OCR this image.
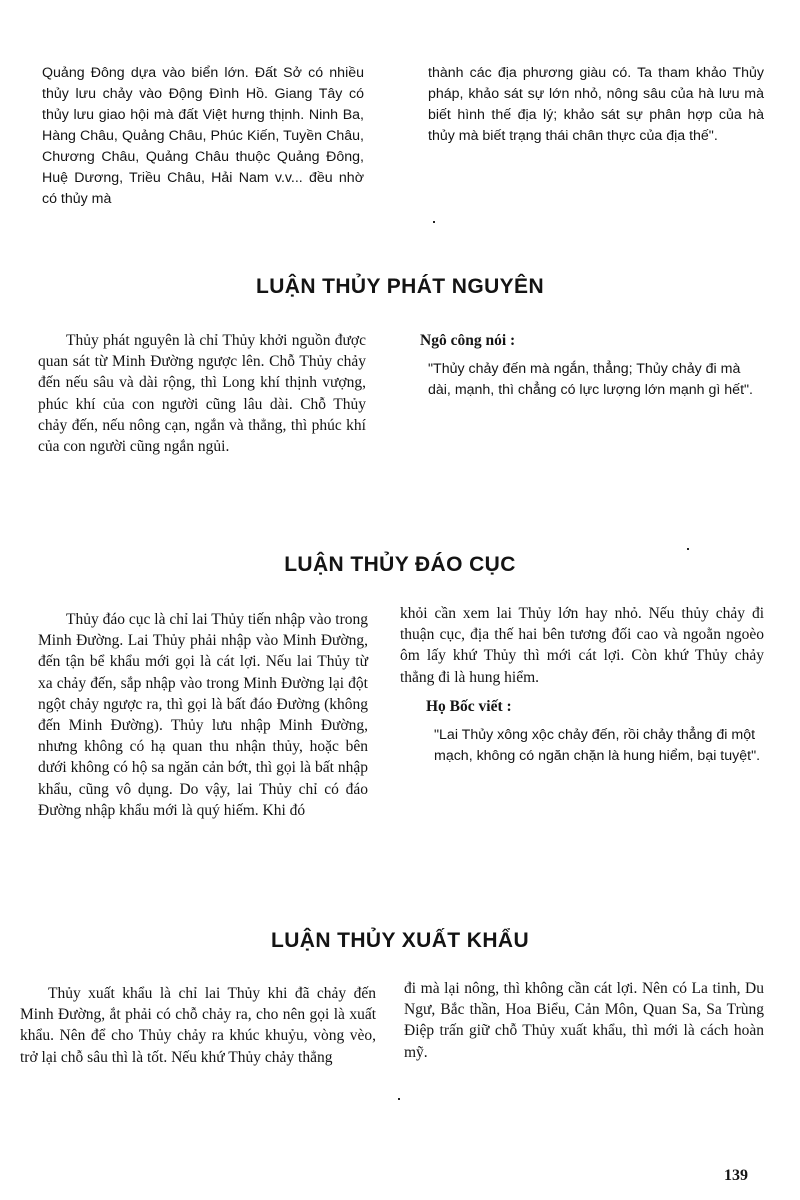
Quảng Đông dựa vào biển lớn. Đất Sở có nhiều thủy lưu chảy vào Động Đình Hồ. Giang Tây có thủy lưu giao hội mà đất Việt hưng thịnh. Ninh Ba, Hàng Châu, Quảng Châu, Phúc Kiến, Tuyền Châu, Chương Châu, Quảng Châu thuộc Quảng Đông, Huệ Dương, Triều Châu, Hải Nam v.v... đều nhờ có thủy mà

thành các địa phương giàu có. Ta tham khảo Thủy pháp, khảo sát sự lớn nhỏ, nông sâu của hà lưu mà biết hình thế địa lý; khảo sát sự phân hợp của hà thủy mà biết trạng thái chân thực của địa thế".

LUẬN THỦY PHÁT NGUYÊN

Thủy phát nguyên là chỉ Thủy khởi nguồn được quan sát từ Minh Đường ngược lên. Chỗ Thủy chảy đến nếu sâu và dài rộng, thì Long khí thịnh vượng, phúc khí của con người cũng lâu dài. Chỗ Thủy chảy đến, nếu nông cạn, ngắn và thẳng, thì phúc khí của con người cũng ngắn ngủi.

Ngô công nói :

"Thủy chảy đến mà ngắn, thẳng; Thủy chảy đi mà dài, mạnh, thì chẳng có lực lượng lớn mạnh gì hết".

LUẬN THỦY ĐÁO CỤC

Thủy đáo cục là chỉ lai Thủy tiến nhập vào trong Minh Đường. Lai Thủy phải nhập vào Minh Đường, đến tận bể khẩu mới gọi là cát lợi. Nếu lai Thủy từ xa chảy đến, sắp nhập vào trong Minh Đường lại đột ngột chảy ngược ra, thì gọi là bất đáo Đường (không đến Minh Đường). Thủy lưu nhập Minh Đường, nhưng không có hạ quan thu nhận thủy, hoặc bên dưới không có hộ sa ngăn cản bớt, thì gọi là bất nhập khẩu, cũng vô dụng. Do vậy, lai Thủy chỉ có đáo Đường nhập khẩu mới là quý hiếm. Khi đó

khỏi cần xem lai Thủy lớn hay nhỏ. Nếu thủy chảy đi thuận cục, địa thế hai bên tương đối cao và ngoằn ngoèo ôm lấy khứ Thủy thì mới cát lợi. Còn khứ Thủy chảy thẳng đi là hung hiểm.

Họ Bốc viết :

"Lai Thủy xông xộc chảy đến, rồi chảy thẳng đi một mạch, không có ngăn chặn là hung hiểm, bại tuyệt".

LUẬN THỦY XUẤT KHẨU

Thủy xuất khẩu là chỉ lai Thủy khi đã chảy đến Minh Đường, ắt phải có chỗ chảy ra, cho nên gọi là xuất khẩu. Nên để cho Thủy chảy ra khúc khuỷu, vòng vèo, trở lại chỗ sâu thì là tốt. Nếu khứ Thủy chảy thẳng

đi mà lại nông, thì không cần cát lợi. Nên có La tinh, Du Ngư, Bắc thần, Hoa Biểu, Cản Môn, Quan Sa, Sa Trùng Điệp trấn giữ chỗ Thủy xuất khẩu, thì mới là cách hoàn mỹ.

139
